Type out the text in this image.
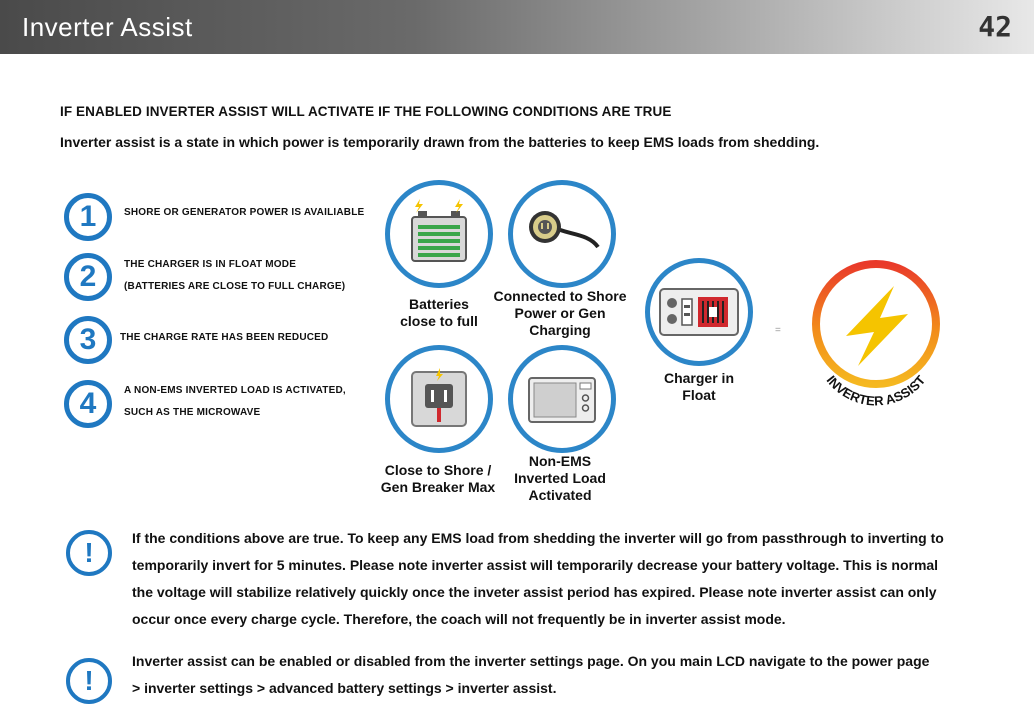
Inverter Assist	42
IF ENABLED INVERTER ASSIST WILL ACTIVATE IF THE FOLLOWING CONDITIONS ARE TRUE
Inverter assist is a state in which power is temporarily drawn from the batteries to keep EMS loads from shedding.
1	SHORE OR GENERATOR POWER IS AVAILIABLE
2	THE CHARGER IS IN FLOAT MODE
(BATTERIES ARE CLOSE TO FULL CHARGE)
3	THE CHARGE RATE HAS BEEN REDUCED
4	A NON-EMS INVERTED LOAD IS ACTIVATED,
SUCH AS THE MICROWAVE
Batteries
close to full
Connected to Shore
Power or Gen
Charging
Close to Shore /
Gen Breaker Max
Non-EMS
Inverted Load
Activated
Charger in
Float
=
INVERTER ASSIST
!	If the conditions above are true. To keep any EMS load from shedding the inverter will go from passthrough to inverting to
temporarily invert for 5 minutes. Please note inverter assist will temporarily decrease your battery voltage. This is normal
the voltage will stabilize relatively quickly once the inveter assist period has expired. Please note inverter assist can only
occur once every charge cycle. Therefore, the coach will not frequently be in inverter assist mode.
!
Inverter assist can be enabled or disabled from the inverter settings page. On you main LCD navigate to the power page
> inverter settings > advanced battery settings > inverter assist.
